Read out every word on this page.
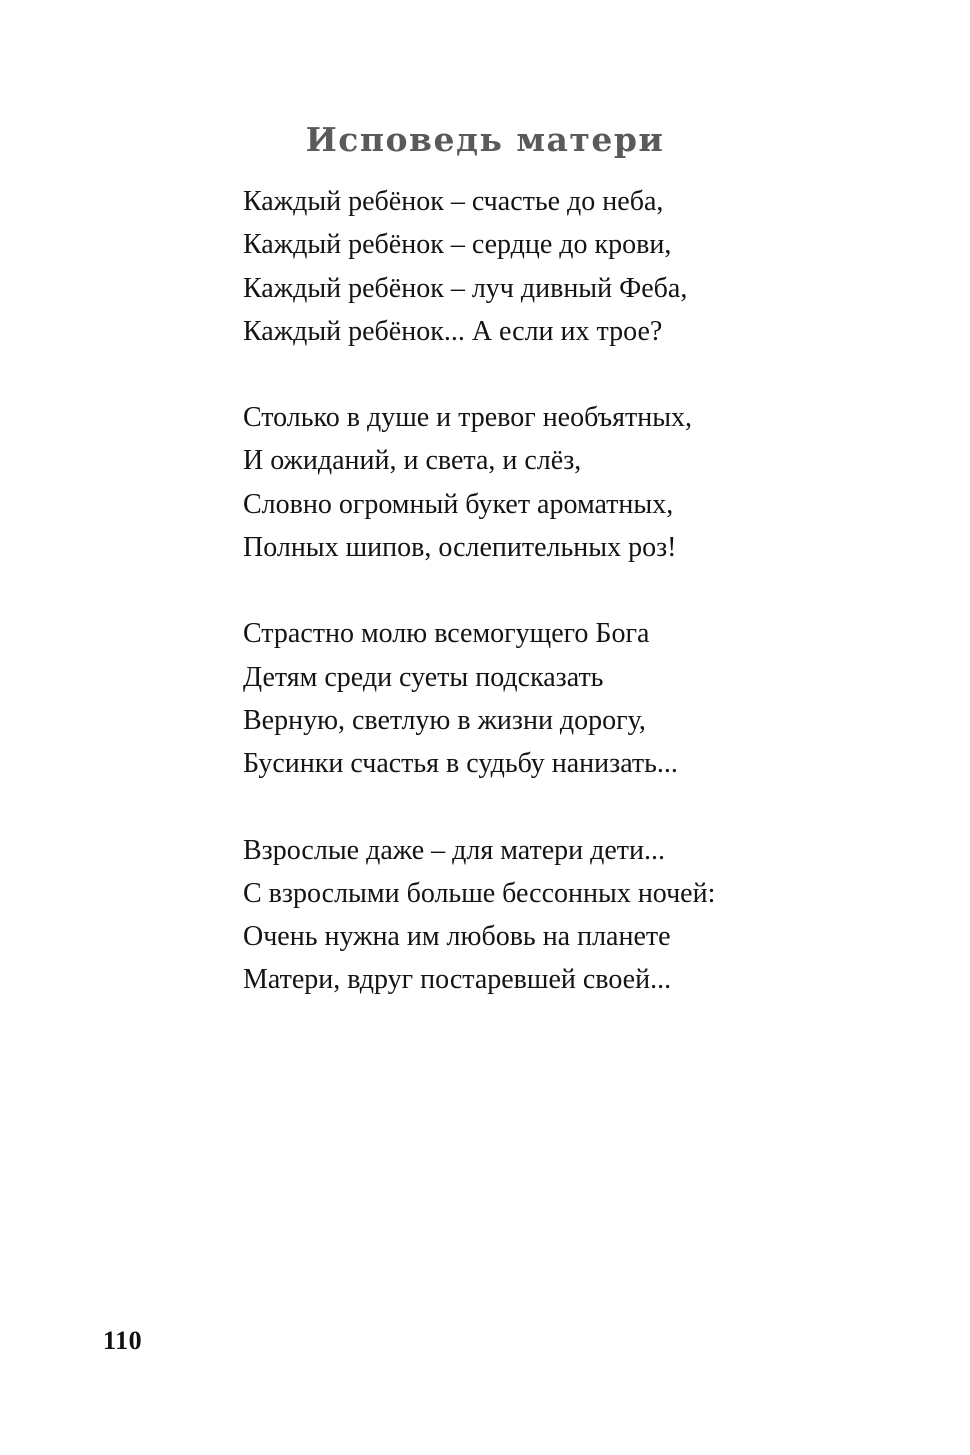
Исповедь матери
Каждый ребёнок – счастье до неба,
Каждый ребёнок – сердце до крови,
Каждый ребёнок – луч дивный Феба,
Каждый ребёнок... А если их трое?
Столько в душе и тревог необъятных,
И ожиданий, и света, и слёз,
Словно огромный букет ароматных,
Полных шипов, ослепительных роз!
Страстно молю всемогущего Бога
Детям среди суеты подсказать
Верную, светлую в жизни дорогу,
Бусинки счастья в судьбу нанизать...
Взрослые даже – для матери дети...
С взрослыми больше бессонных ночей:
Очень нужна им любовь на планете
Матери, вдруг постаревшей своей...
110
